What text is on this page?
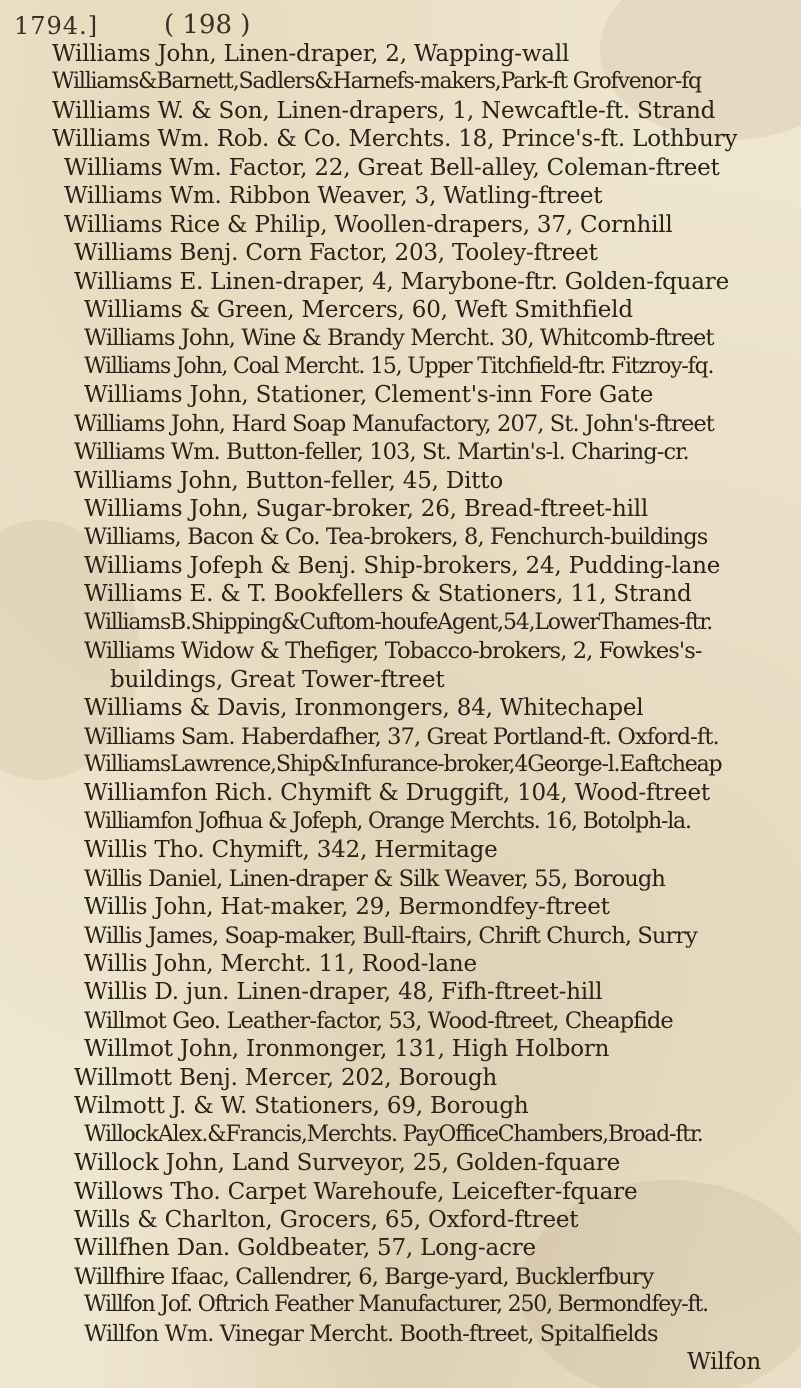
1794.]	( 198 )
Williams John, Linen-draper, 2, Wapping-wall
Williams&Barnett,Sadlers&Harnefs-makers,Park-ft Grofvenor-fq
Williams W. & Son, Linen-drapers, 1, Newcaftle-ft. Strand
Williams Wm. Rob. & Co. Merchts. 18, Prince's-ft. Lothbury
Williams Wm. Factor, 22, Great Bell-alley, Coleman-ftreet
Williams Wm. Ribbon Weaver, 3, Watling-ftreet
Williams Rice & Philip, Woollen-drapers, 37, Cornhill
Williams Benj. Corn Factor, 203, Tooley-ftreet
Williams E. Linen-draper, 4, Marybone-ftr. Golden-fquare
Williams & Green, Mercers, 60, Weft Smithfield
Williams John, Wine & Brandy Mercht. 30, Whitcomb-ftreet
Williams John, Coal Mercht. 15, Upper Titchfield-ftr. Fitzroy-fq.
Williams John, Stationer, Clement's-inn Fore Gate
Williams John, Hard Soap Manufactory, 207, St. John's-ftreet
Williams Wm. Button-feller, 103, St. Martin's-l. Charing-cr.
Williams John, Button-feller, 45, Ditto
Williams John, Sugar-broker, 26, Bread-ftreet-hill
Williams, Bacon & Co. Tea-brokers, 8, Fenchurch-buildings
Williams Jofeph & Benj. Ship-brokers, 24, Pudding-lane
Williams E. & T. Bookfellers & Stationers, 11, Strand
WilliamsB.Shipping&Cuftom-houfeAgent,54,LowerThames-ftr.
Williams Widow & Thefiger, Tobacco-brokers, 2, Fowkes's-
buildings, Great Tower-ftreet
Williams & Davis, Ironmongers, 84, Whitechapel
Williams Sam. Haberdafher, 37, Great Portland-ft. Oxford-ft.
WilliamsLawrence,Ship&Infurance-broker,4George-l.Eaftcheap
Williamfon Rich. Chymift & Druggift, 104, Wood-ftreet
Williamfon Jofhua & Jofeph, Orange Merchts. 16, Botolph-la.
Willis Tho. Chymift, 342, Hermitage
Willis Daniel, Linen-draper & Silk Weaver, 55, Borough
Willis John, Hat-maker, 29, Bermondfey-ftreet
Willis James, Soap-maker, Bull-ftairs, Chrift Church, Surry
Willis John, Mercht. 11, Rood-lane
Willis D. jun. Linen-draper, 48, Fifh-ftreet-hill
Willmot Geo. Leather-factor, 53, Wood-ftreet, Cheapfide
Willmot John, Ironmonger, 131, High Holborn
Willmott Benj. Mercer, 202, Borough
Wilmott J. & W. Stationers, 69, Borough
WillockAlex.&Francis,Merchts. PayOfficeChambers,Broad-ftr.
Willock John, Land Surveyor, 25, Golden-fquare
Willows Tho. Carpet Warehoufe, Leicefter-fquare
Wills & Charlton, Grocers, 65, Oxford-ftreet
Willfhen Dan. Goldbeater, 57, Long-acre
Willfhire Ifaac, Callendrer, 6, Barge-yard, Bucklerfbury
Willfon Jof. Oftrich Feather Manufacturer, 250, Bermondfey-ft.
Willfon Wm. Vinegar Mercht. Booth-ftreet, Spitalfields
Wilfon
